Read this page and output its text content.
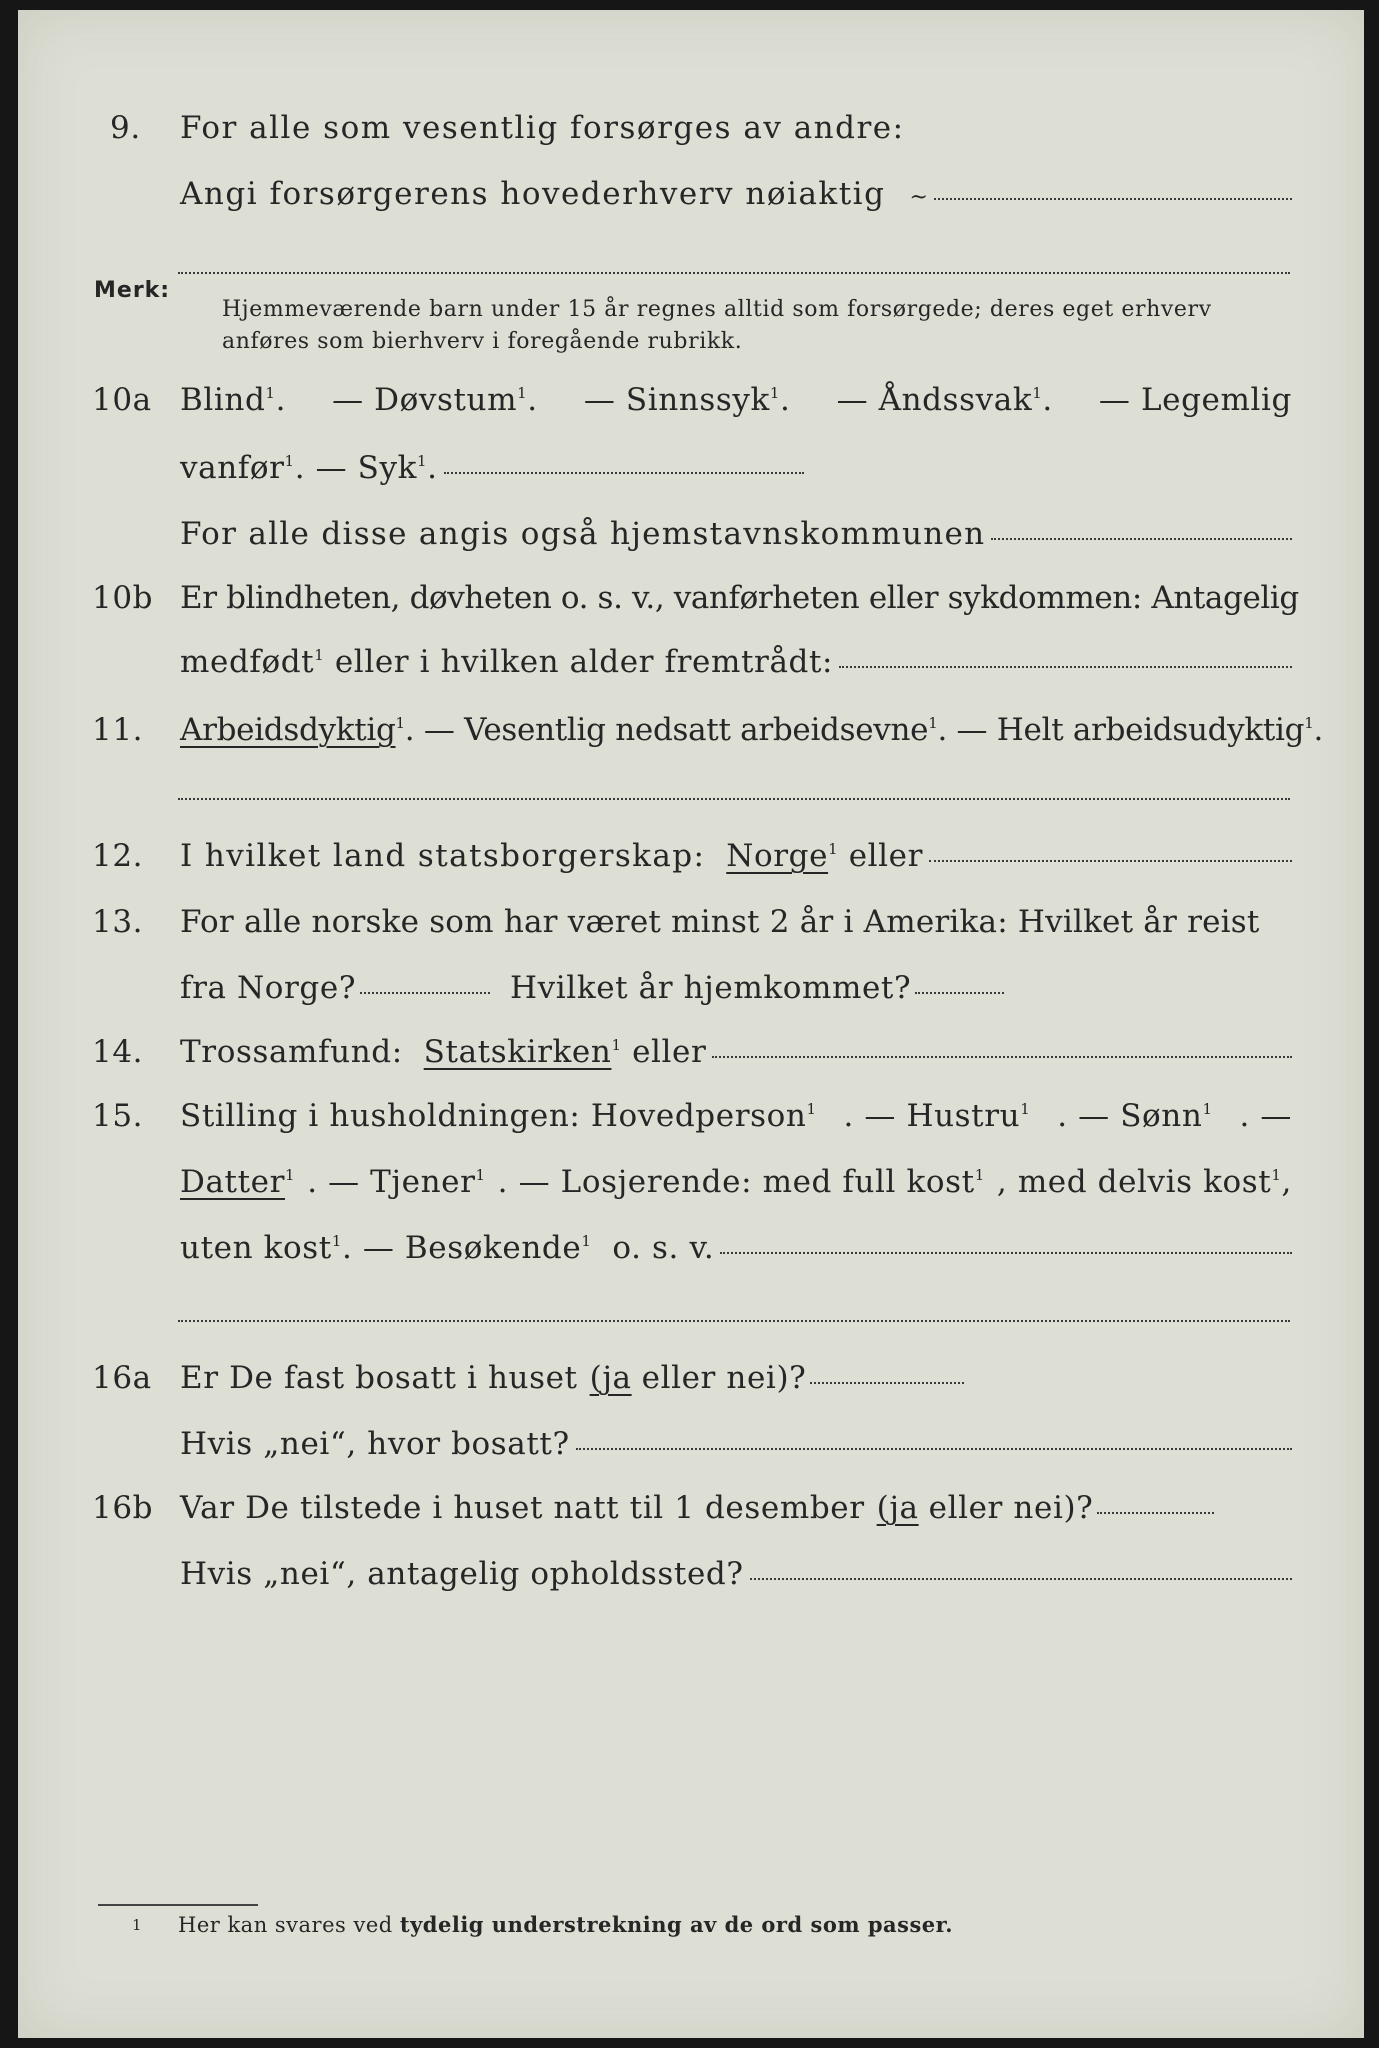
9. For alle som vesentlig forsørges av andre:
Angi forsørgerens hovederhverv nøiaktig ~
Merk:
Hjemmeværende barn under 15 år regnes alltid som forsørgede; deres eget erhverv
anføres som bierhverv i foregående rubrikk.
10a Blind$^1$. — Døvstum$^1$. — Sinnssyk$^1$. — Åndssvak$^1$. — Legemlig
vanfør$^1$. — Syk$^1$.
For alle disse angis også hjemstavnskommunen
10b Er blindheten, døvheten o. s. v., vanførheten eller sykdommen: Antagelig
medfødt$^1$ eller i hvilken alder fremtrådt:
11. Arbeidsdyktig$^1$. — Vesentlig nedsatt arbeidsevne$^1$. — Helt arbeidsudyktig$^1$.
12. I hvilket land statsborgerskap: Norge$^1$ eller
13. For alle norske som har været minst 2 år i Amerika: Hvilket år reist
fra Norge?	Hvilket år hjemkommet?
14. Trossamfund: Statskirken$^1$ eller
15. Stilling i husholdningen: Hovedperson$^1$ . — Hustru$^1$ . — Sønn$^1$ . —
Datter$^1$ . — Tjener$^1$ . — Losjerende: med full kost$^1$ , med delvis kost$^1$,
uten kost$^1$. — Besøkende$^1$ o. s. v.
16a Er De fast bosatt i huset (ja eller nei)?
Hvis „nei“, hvor bosatt?
16b Var De tilstede i huset natt til 1 desember (ja eller nei)?
Hvis „nei“, antagelig opholdssted?
1 Her kan svares ved tydelig understrekning av de ord som passer.
